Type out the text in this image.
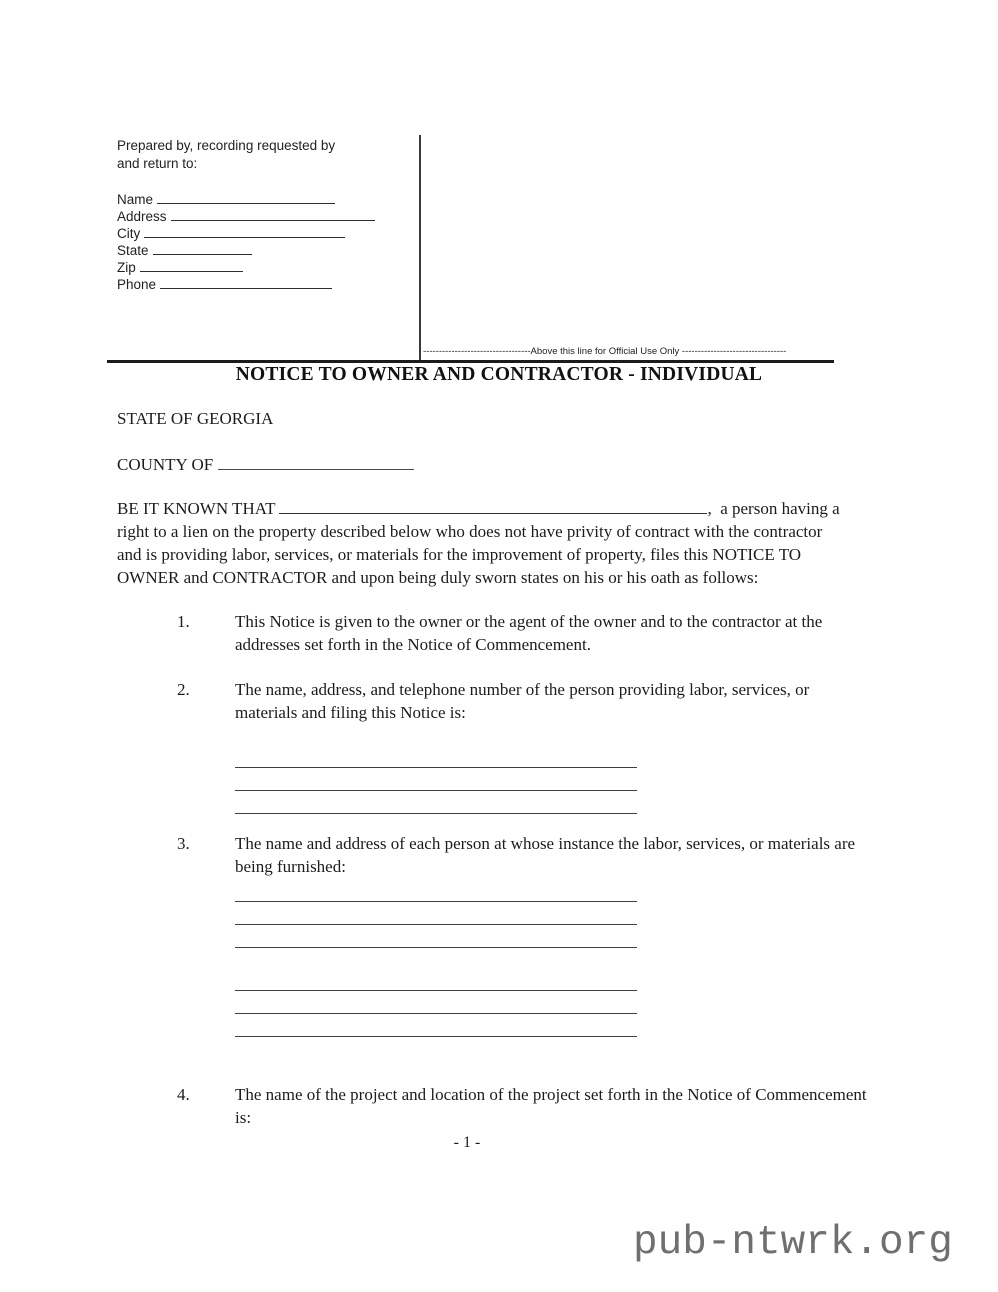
Prepared by, recording requested by
and return to:
Name
Address
City
State
Zip
Phone
----------------------------------Above this line for Official Use Only ---------------------------------
NOTICE TO OWNER AND CONTRACTOR - INDIVIDUAL
STATE OF GEORGIA
COUNTY OF

BE IT KNOWN THAT	,  a person having a right to a lien on the property described below who does not have privity of contract with the contractor and is providing labor, services, or materials for the improvement of property, files this NOTICE TO OWNER and CONTRACTOR and upon being duly sworn states on his or his oath as follows:

1.	This Notice is given to the owner or the agent of the owner and to the contractor at the addresses set forth in the Notice of Commencement.
2.	The name, address, and telephone number of the person providing labor, services, or materials and filing this Notice is:
3.	The name and address of each person at whose instance the labor, services, or materials are being furnished:
4.	The name of the project and location of the project set forth in the Notice of Commencement is:
- 1 -
pub-ntwrk.org
